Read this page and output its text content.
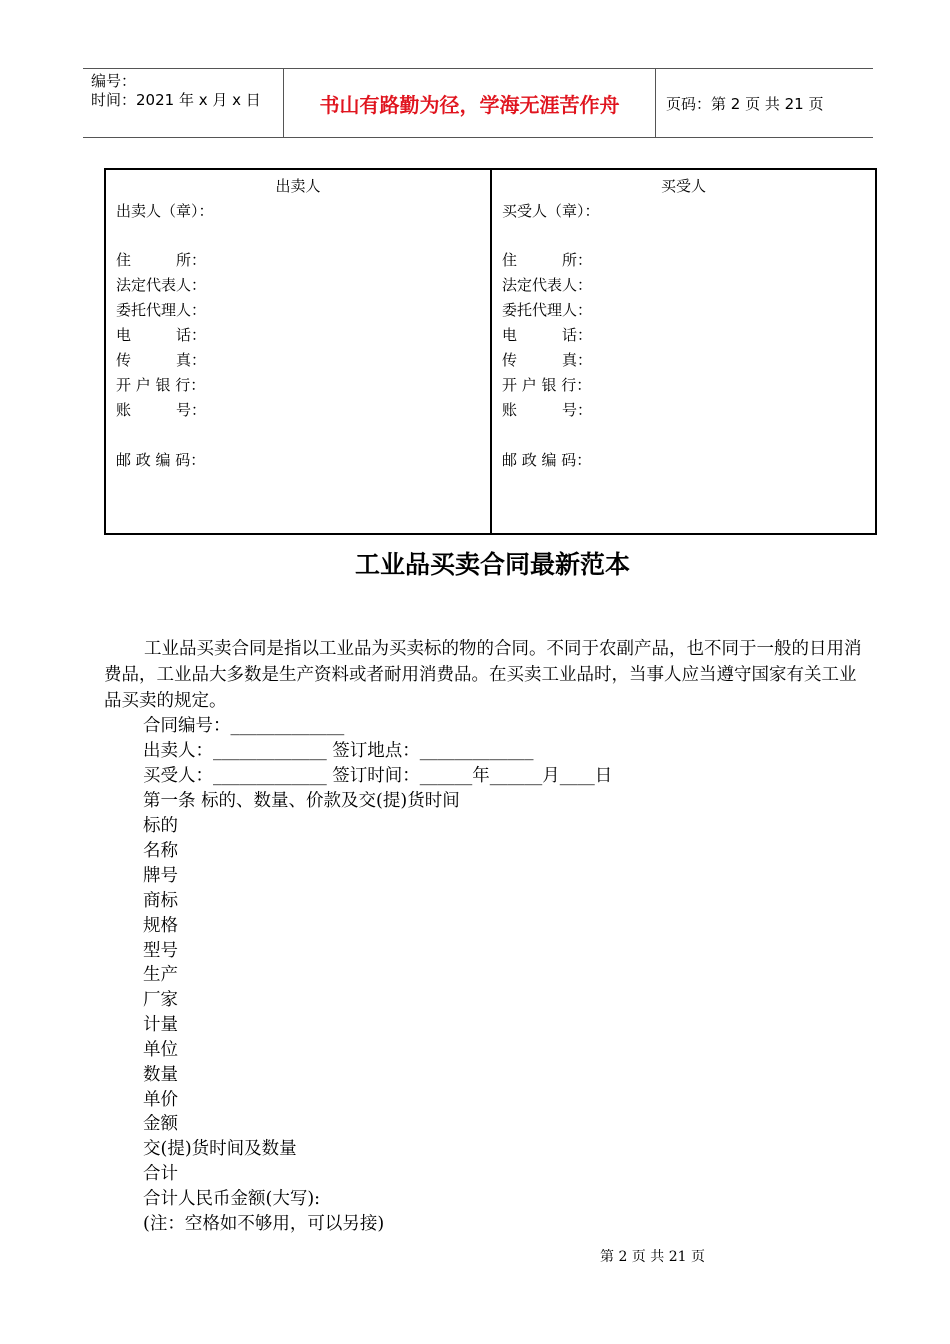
编号：
时间：2021 年 x 月 x 日	书山有路勤为径，学海无涯苦作舟	页码：第 2 页 共 21 页
出卖人
出卖人（章）：
住　　　所：
法定代表人：
委托代理人：
电　　　话：
传　　　真：
开 户 银 行：
账　　　号：
邮 政 编 码：
买受人
买受人（章）：
住　　　所：
法定代表人：
委托代理人：
电　　　话：
传　　　真：
开 户 银 行：
账　　　号：
邮 政 编 码：
工业品买卖合同最新范本
工业品买卖合同是指以工业品为买卖标的物的合同。不同于农副产品，也不同于一般的日用消费品，工业品大多数是生产资料或者耐用消费品。在买卖工业品时，当事人应当遵守国家有关工业品买卖的规定。
合同编号：_____________
出卖人：_____________ 签订地点：_____________
买受人：_____________ 签订时间：______年______月____日
第一条 标的、数量、价款及交(提)货时间
标的
名称
牌号
商标
规格
型号
生产
厂家
计量
单位
数量
单价
金额
交(提)货时间及数量
合计
合计人民币金额(大写):
(注：空格如不够用，可以另接)
第 2 页 共 21 页
